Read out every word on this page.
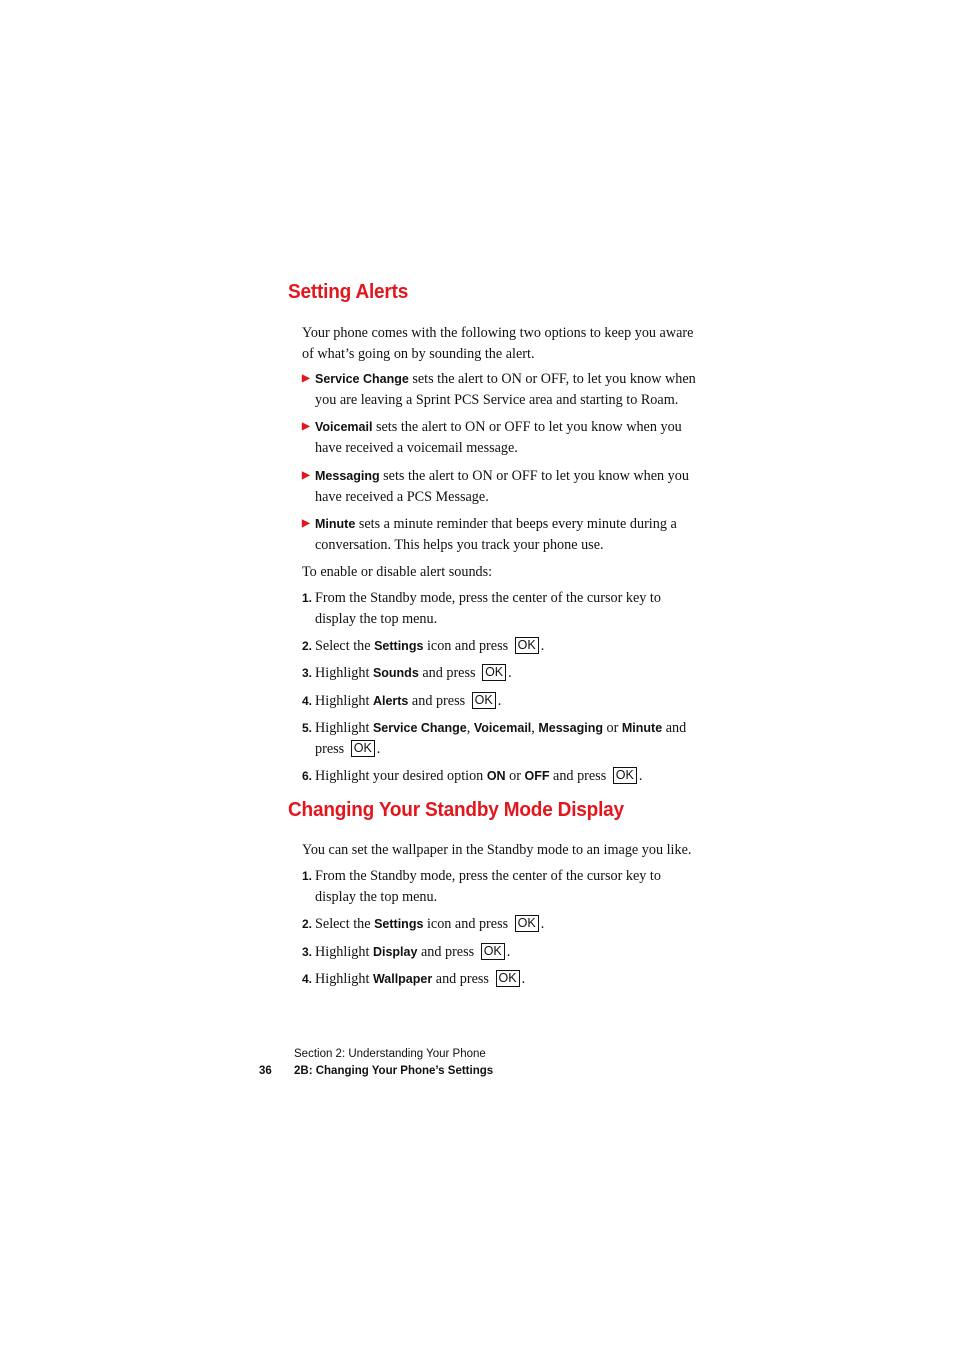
Setting Alerts

Your phone comes with the following two options to keep you aware of what’s going on by sounding the alert.

▶ Service Change sets the alert to ON or OFF, to let you know when you are leaving a Sprint PCS Service area and starting to Roam.
▶ Voicemail sets the alert to ON or OFF to let you know when you have received a voicemail message.
▶ Messaging sets the alert to ON or OFF to let you know when you have received a PCS Message.
▶ Minute sets a minute reminder that beeps every minute during a conversation. This helps you track your phone use.

To enable or disable alert sounds:

1. From the Standby mode, press the center of the cursor key to display the top menu.
2. Select the Settings icon and press OK .
3. Highlight Sounds and press OK .
4. Highlight Alerts and press OK .
5. Highlight Service Change, Voicemail, Messaging or Minute and press OK .
6. Highlight your desired option ON or OFF and press OK .
Changing Your Standby Mode Display

You can set the wallpaper in the Standby mode to an image you like.

1. From the Standby mode, press the center of the cursor key to display the top menu.
2. Select the Settings icon and press OK .
3. Highlight Display and press OK .
4. Highlight Wallpaper and press OK .
Section 2: Understanding Your Phone
36 2B: Changing Your Phone’s Settings
